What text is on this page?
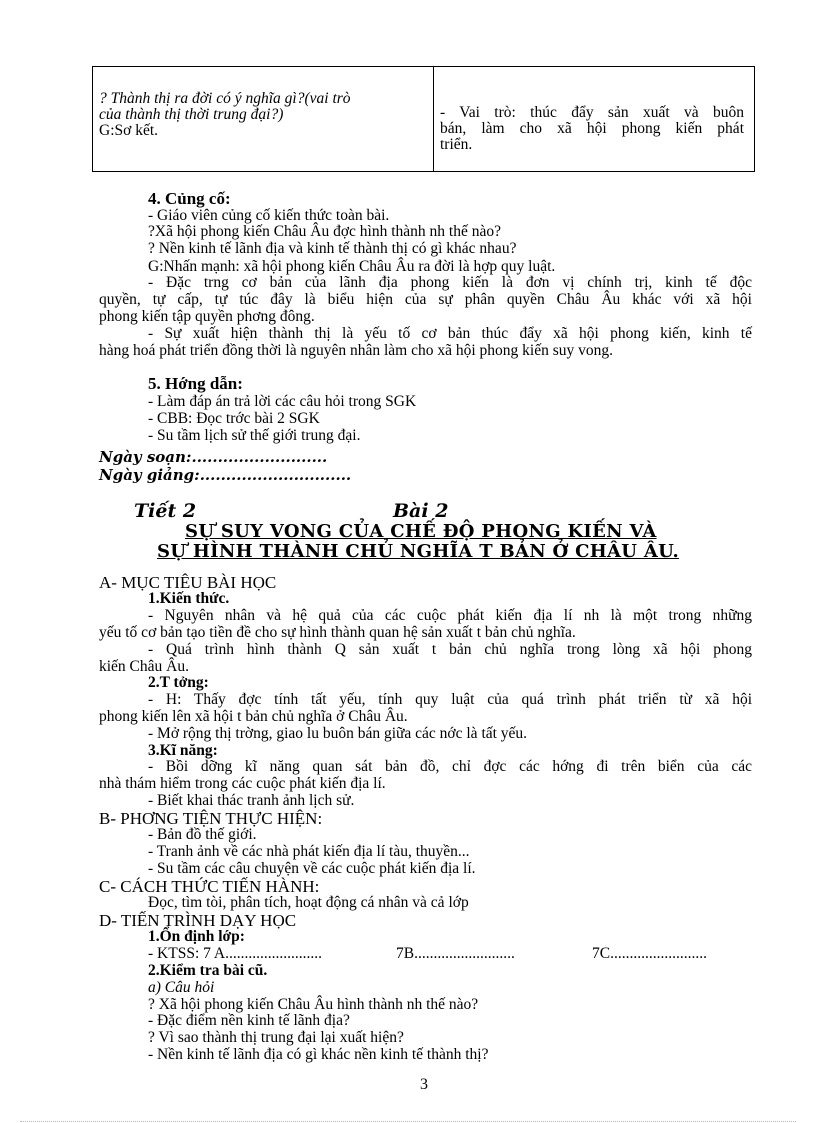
? Thành thị ra đời có ý nghĩa gì?(vai trò
của thành thị thời trung đại?)
G:Sơ kết.

- Vai trò: thúc đẩy sản xuất và buôn
bán, làm cho xã hội phong kiến phát
triển.
4. Củng cố:
- Giáo viên củng cố kiến thức toàn bài.
?Xã hội phong kiến Châu Âu đợc hình thành nh thế nào?
? Nền kinh tế lãnh địa và kinh tế thành thị có gì khác nhau?
G:Nhấn mạnh: xã hội phong kiến Châu Âu ra đời là hợp quy luật.
- Đặc trng cơ bản của lãnh địa phong kiến là đơn vị chính trị, kinh tế độc
quyền, tự cấp, tự túc đây là biểu hiện của sự phân quyền Châu Âu khác với xã hội
phong kiến tập quyền phơng đông.
- Sự xuất hiện thành thị là yếu tố cơ bản thúc đẩy xã hội phong kiến, kinh tế
hàng hoá phát triển đồng thời là nguyên nhân làm cho xã hội phong kiến suy vong.
5. Hớng dẫn:
- Làm đáp án trả lời các câu hỏi trong SGK
- CBB: Đọc trớc bài 2 SGK
- Su tầm lịch sử thế giới trung đại.
Ngày soạn:..........................
Ngày giảng:.............................
Tiết 2	Bài 2
SỰ SUY VONG CỦA CHẾ ĐỘ PHONG KIẾN VÀ
SỰ HÌNH THÀNH CHỦ NGHĨA T BẢN Ở CHÂU ÂU.
A- MỤC TIÊU BÀI HỌC
1.Kiến thức.
- Nguyên nhân và hệ quả của các cuộc phát kiến địa lí nh là một trong những
yếu tố cơ bản tạo tiền đề cho sự hình thành quan hệ sản xuất t bản chủ nghĩa.
- Quá trình hình thành Q sản xuất t bản chủ nghĩa trong lòng xã hội phong
kiến Châu Âu.
2.T tởng:
- H: Thấy đợc tính tất yếu, tính quy luật của quá trình phát triển từ xã hội
phong kiến lên xã hội t bản chủ nghĩa ở Châu Âu.
- Mở rộng thị trờng, giao lu buôn bán giữa các nớc là tất yếu.
3.Kĩ năng:
- Bồi dỡng kĩ năng quan sát bản đồ, chỉ đợc các hớng đi trên biển của các
nhà thám hiểm trong các cuộc phát kiến địa lí.
- Biết khai thác tranh ảnh lịch sử.
B- PHƠNG TIỆN THỰC HIỆN:
- Bản đồ thế giới.
- Tranh ảnh về các nhà phát kiến địa lí tàu, thuyền...
- Su tầm các câu chuyện về các cuộc phát kiến địa lí.
C- CÁCH THỨC TIẾN HÀNH:
Đọc, tìm tòi, phân tích, hoạt động cá nhân và cả lớp
D- TIẾN TRÌNH DẠY HỌC
1.Ổn định lớp:
- KTSS: 7 A.........................	7B..........................	7C.........................
2.Kiểm tra bài cũ.
a) Câu hỏi
? Xã hội phong kiến Châu Âu hình thành nh thế nào?
- Đặc điểm nền kinh tế lãnh địa?
? Vì sao thành thị trung đại lại xuất hiện?
- Nền kinh tế lãnh địa có gì khác nền kinh tế thành thị?
3
